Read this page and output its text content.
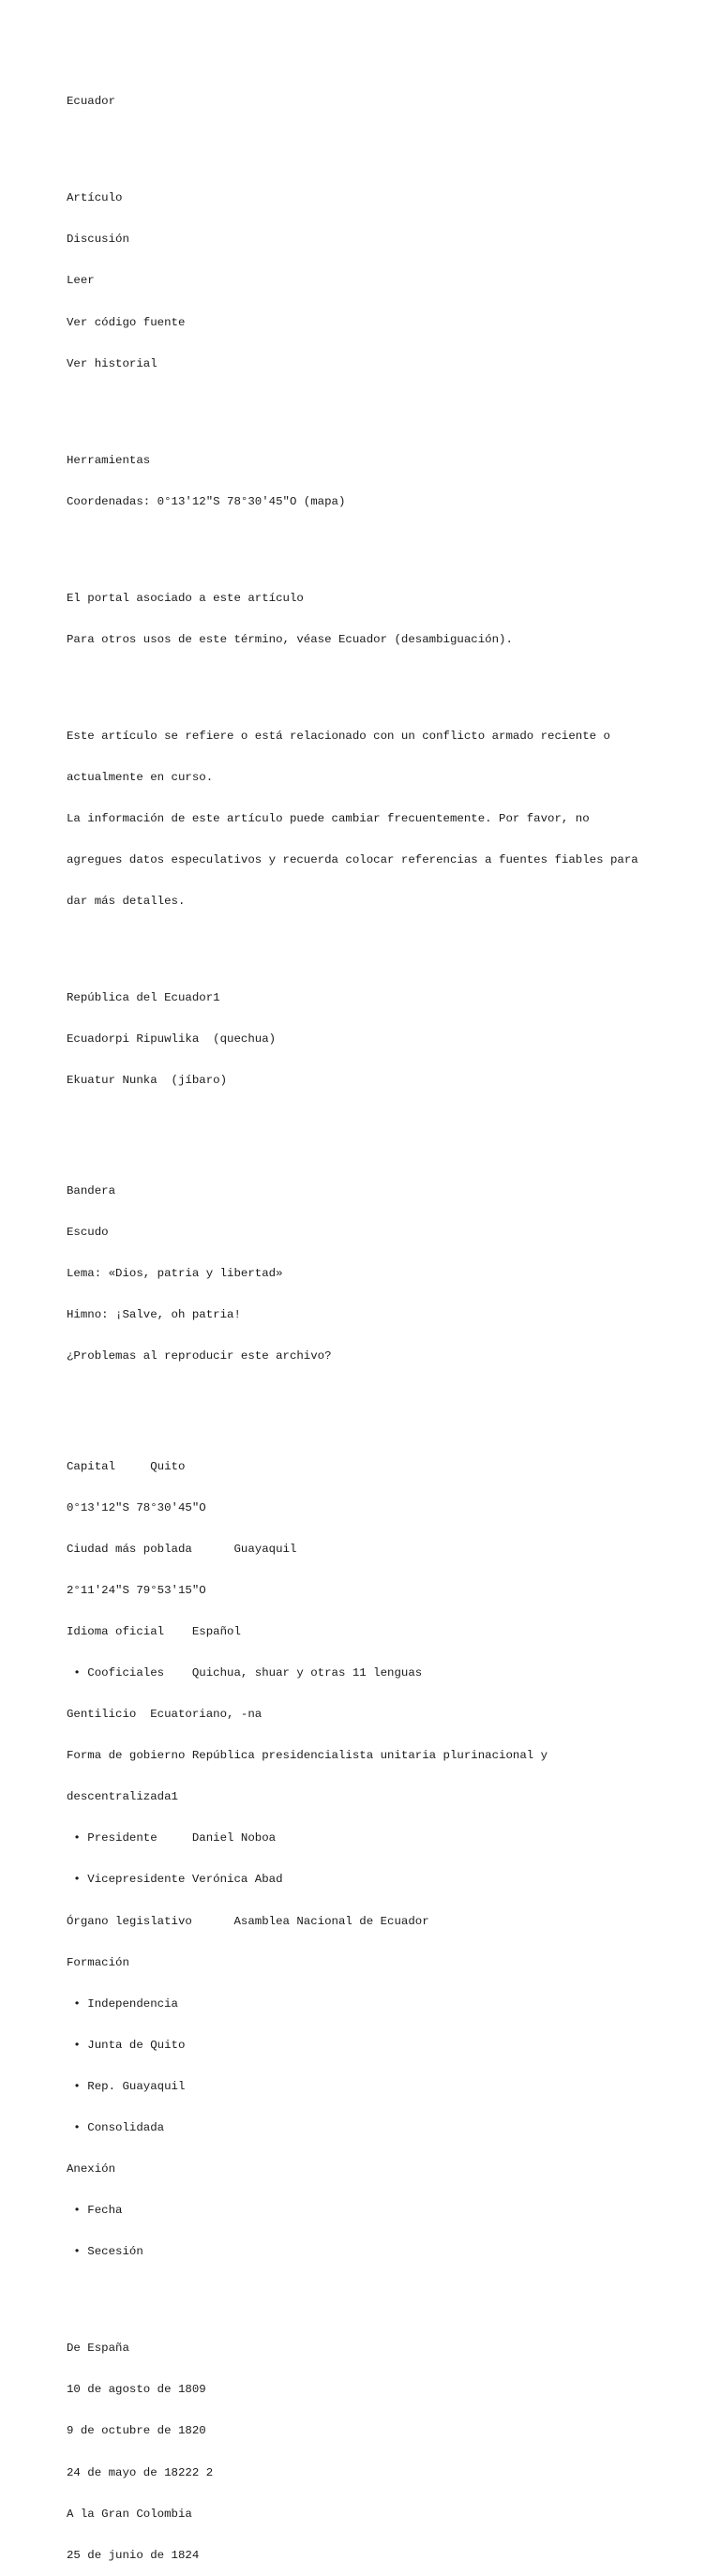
Ecuador

Artículo

Discusión

Leer

Ver código fuente

Ver historial

Herramientas

Coordenadas: 0°13'12"S 78°30'45"O (mapa)

El portal asociado a este artículo

Para otros usos de este término, véase Ecuador (desambiguación).

Este artículo se refiere o está relacionado con un conflicto armado reciente o

actualmente en curso.

La información de este artículo puede cambiar frecuentemente. Por favor, no

agregues datos especulativos y recuerda colocar referencias a fuentes fiables para

dar más detalles.

República del Ecuador1

Ecuadorpi Ripuwlika  (quechua)

Ekuatur Nunka  (jíbaro)

Bandera

Escudo

Lema: «Dios, patria y libertad»

Himno: ¡Salve, oh patria!

¿Problemas al reproducir este archivo?

Capital     Quito

0°13'12"S 78°30'45"O

Ciudad más poblada      Guayaquil

2°11'24"S 79°53'15"O

Idioma oficial    Español

• Cooficiales    Quichua, shuar y otras 11 lenguas

Gentilicio  Ecuatoriano, -na

Forma de gobierno República presidencialista unitaria plurinacional y

descentralizada1

• Presidente     Daniel Noboa

• Vicepresidente Verónica Abad

Órgano legislativo      Asamblea Nacional de Ecuador

Formación

• Independencia

• Junta de Quito

• Rep. Guayaquil

• Consolidada

Anexión

• Fecha

• Secesión

De España

10 de agosto de 1809

9 de octubre de 1820

24 de mayo de 18222 2

A la Gran Colombia

25 de junio de 1824
